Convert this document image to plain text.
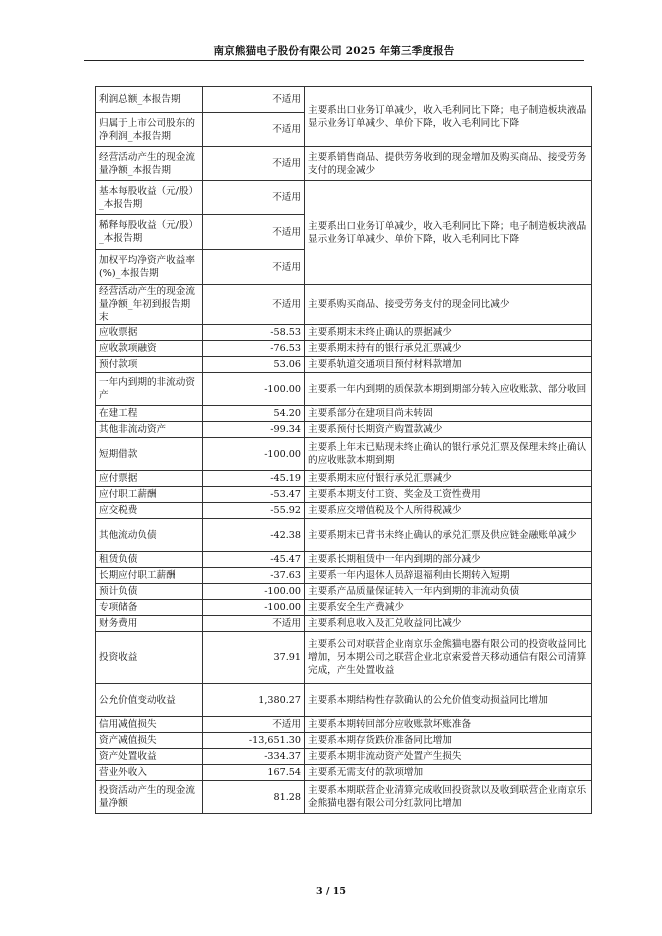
南京熊猫电子股份有限公司 2025 年第三季度报告
利润总额_本报告期	不适用	主要系出口业务订单减少，收入毛利同比下降；电子制造板块液晶显示业务订单减少、单价下降，收入毛利同比下降
归属于上市公司股东的净利润_本报告期	不适用	
经营活动产生的现金流量净额_本报告期	不适用	主要系销售商品、提供劳务收到的现金增加及购买商品、接受劳务支付的现金减少
基本每股收益（元/股）_本报告期	不适用	主要系出口业务订单减少，收入毛利同比下降；电子制造板块液晶显示业务订单减少、单价下降，收入毛利同比下降
稀释每股收益（元/股）_本报告期	不适用	
加权平均净资产收益率(%)_本报告期	不适用	
经营活动产生的现金流量净额_年初到报告期末	不适用	主要系购买商品、接受劳务支付的现金同比减少
应收票据	-58.53	主要系期末未终止确认的票据减少
应收款项融资	-76.53	主要系期末持有的银行承兑汇票减少
预付款项	53.06	主要系轨道交通项目预付材料款增加
一年内到期的非流动资产	-100.00	主要系一年内到期的质保款本期到期部分转入应收账款、部分收回
在建工程	54.20	主要系部分在建项目尚未转固
其他非流动资产	-99.34	主要系预付长期资产购置款减少
短期借款	-100.00	主要系上年末已贴现未终止确认的银行承兑汇票及保理未终止确认的应收账款本期到期
应付票据	-45.19	主要系期末应付银行承兑汇票减少
应付职工薪酬	-53.47	主要系本期支付工资、奖金及工资性费用
应交税费	-55.92	主要系应交增值税及个人所得税减少
其他流动负债	-42.38	主要系期末已背书未终止确认的承兑汇票及供应链金融账单减少
租赁负债	-45.47	主要系长期租赁中一年内到期的部分减少
长期应付职工薪酬	-37.63	主要系一年内退休人员辞退福利由长期转入短期
预计负债	-100.00	主要系产品质量保证转入一年内到期的非流动负债
专项储备	-100.00	主要系安全生产费减少
财务费用	不适用	主要系利息收入及汇兑收益同比减少
投资收益	37.91	主要系公司对联营企业南京乐金熊猫电器有限公司的投资收益同比增加，另本期公司之联营企业北京索爱普天移动通信有限公司清算完成，产生处置收益
公允价值变动收益	1,380.27	主要系本期结构性存款确认的公允价值变动损益同比增加
信用减值损失	不适用	主要系本期转回部分应收账款坏账准备
资产减值损失	-13,651.30	主要系本期存货跌价准备同比增加
资产处置收益	-334.37	主要系本期非流动资产处置产生损失
营业外收入	167.54	主要系无需支付的款项增加
投资活动产生的现金流量净额	81.28	主要系本期联营企业清算完成收回投资款以及收到联营企业南京乐金熊猫电器有限公司分红款同比增加
3 / 15
